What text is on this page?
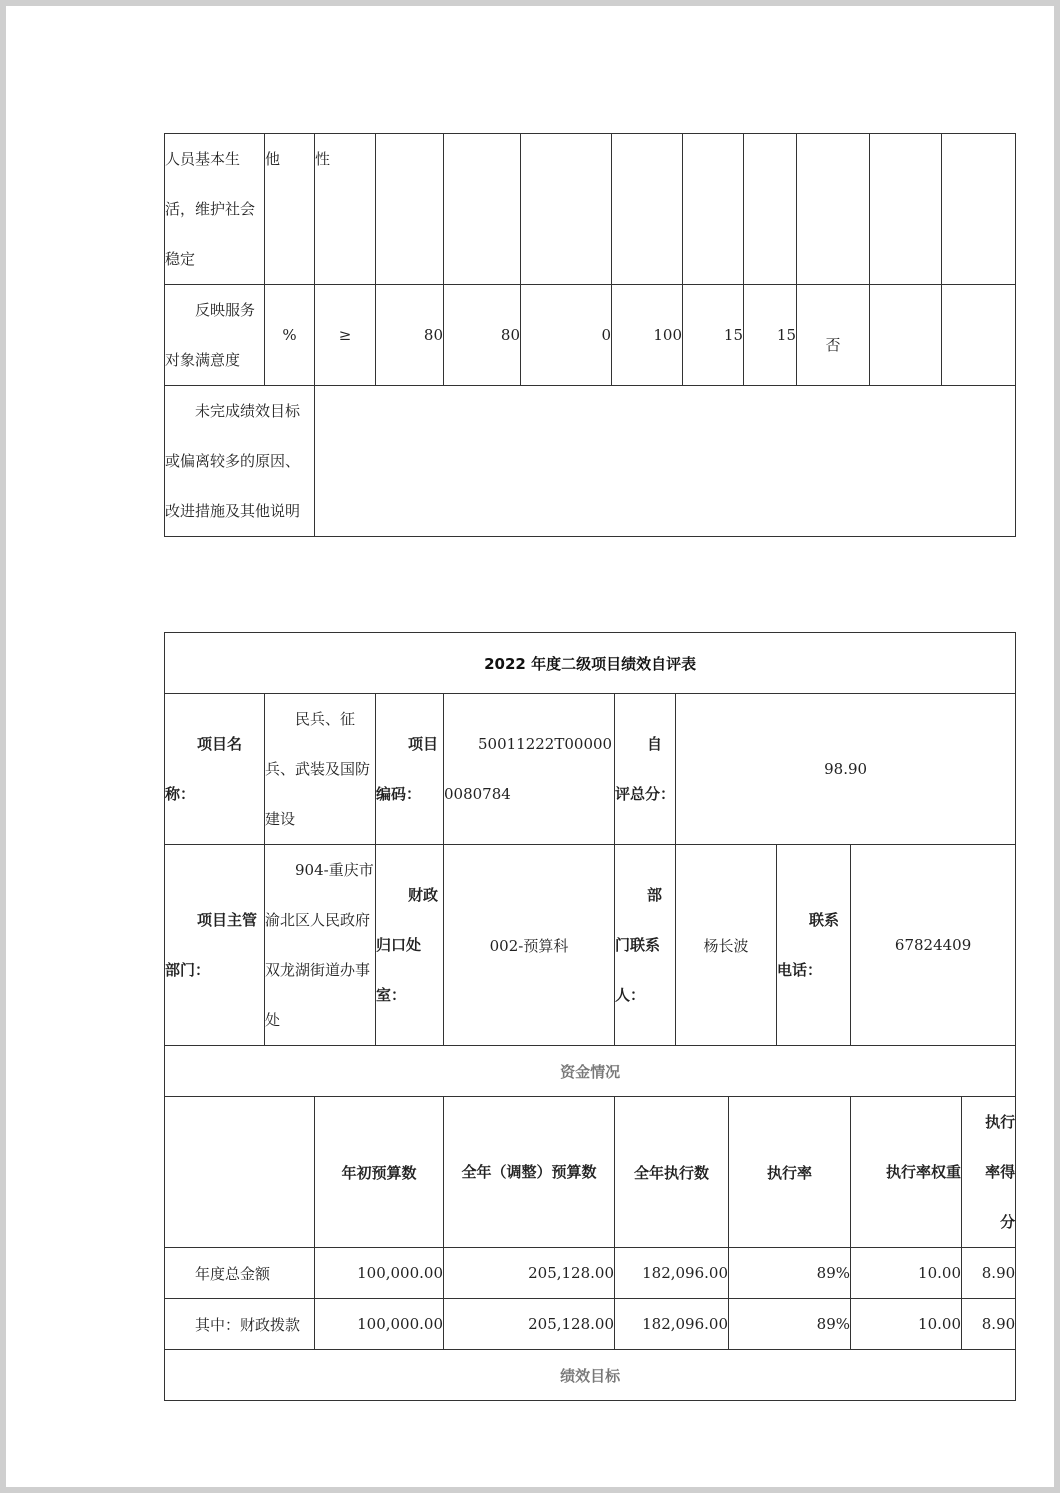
人员基本生活，维护社会稳定	他	性									
反映服务对象满意度	%	≥	80	80	0	100	15	15	否		
未完成绩效目标或偏离较多的原因、改进措施及其他说明											
2022 年度二级项目绩效自评表										

项目名称：	民兵、征兵、武装及国防建设		项目编码：	50011222T000000080784	自评总分：	98.90				

项目主管部门：	904-重庆市渝北区人民政府双龙湖街道办事处		财政归口处室：	002-预算科	部门联系人：	杨长波		联系电话：	67824409	
资金情况										
		年初预算数		全年（调整）预算数	全年执行数		执行率		执行率权重	执行率得分
年度总金额		100,000.00		205,128.00	182,096.00		89%		10.00	8.90
其中：财政拨款		100,000.00		205,128.00	182,096.00		89%		10.00	8.90
绩效目标										
